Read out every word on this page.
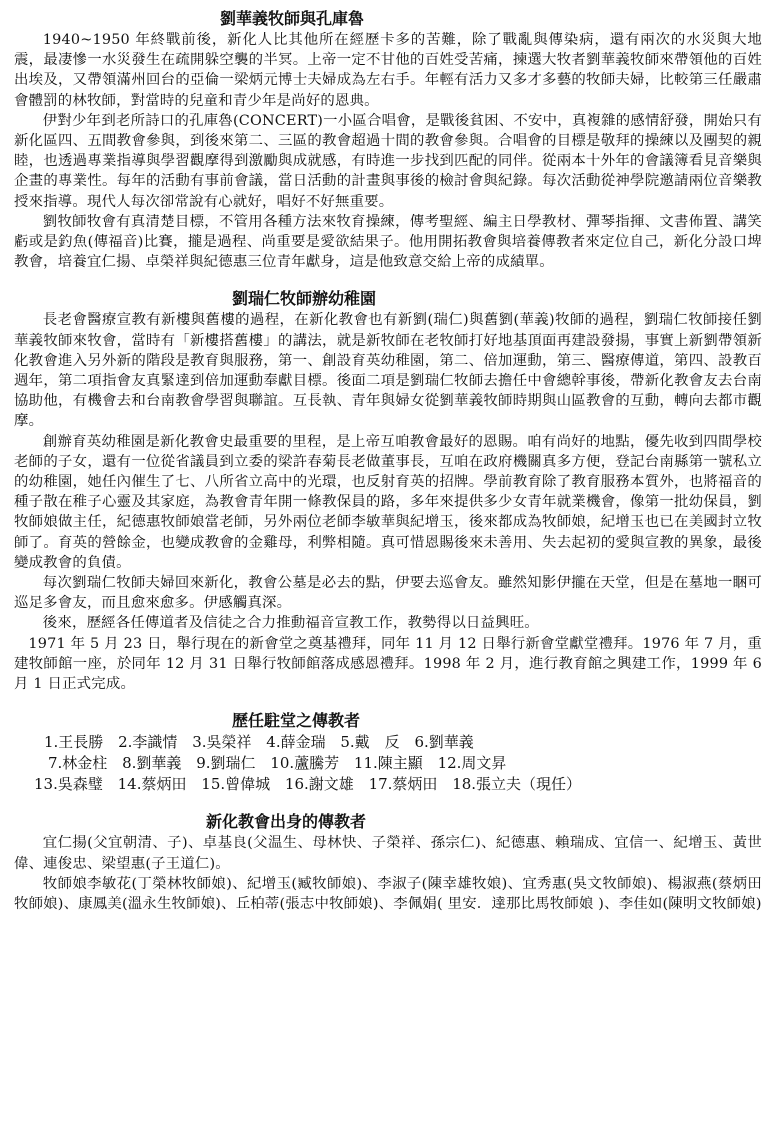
劉華義牧師與孔庫魯

1940~1950 年終戰前後，新化人比其他所在經歷卡多的苦難，除了戰亂與傳染病，還有兩次的水災與大地震，最凄慘一水災發生在疏開躲空襲的半冥。上帝一定不甘他的百姓受苦痛，揀選大牧者劉華義牧師來帶領他的百姓出埃及，又帶領滿州回台的亞倫一梁炳元博士夫婦成為左右手。年輕有活力又多才多藝的牧師夫婦，比較第三任嚴肅會體罰的林牧師，對當時的兒童和青少年是尚好的恩典。

伊對少年到老所詩口的孔庫魯(CONCERT)一小區合唱會，是戰後貧困、不安中，真複雜的感情舒發，開始只有新化區四、五間教會參與，到後來第二、三區的教會超過十間的教會參與。合唱會的目標是敬拜的操練以及團契的親睦，也透過專業指導與學習觀摩得到激勵與成就感，有時進一步找到匹配的同伴。從兩本十外年的會議簿看見音樂與企畫的專業性。每年的活動有事前會議，當日活動的計畫與事後的檢討會與紀錄。每次活動從神學院邀請兩位音樂教授來指導。現代人每次卻常說有心就好，唱好不好無重要。

劉牧師牧會有真清楚目標，不管用各種方法來牧育操練，傳考聖經、編主日學教材、彈琴指揮、文書佈置、講笑虧或是釣魚(傳福音)比賽，攏是過程、尚重要是愛欲結果子。他用開拓教會與培養傳教者來定位自己，新化分設口埤教會，培養宜仁揚、卓榮祥與紀德惠三位青年獻身，這是他致意交給上帝的成績單。

劉瑞仁牧師辦幼稚園

長老會醫療宣教有新樓與舊樓的過程，在新化教會也有新劉(瑞仁)與舊劉(華義)牧師的過程，劉瑞仁牧師接任劉華義牧師來牧會，當時有「新樓搭舊樓」的講法，就是新牧師在老牧師打好地基頂面再建設發揚，事實上新劉帶領新化教會進入另外新的階段是教育與服務，第一、創設育英幼稚園，第二、倍加運動，第三、醫療傳道，第四、設教百週年，第二項指會友真緊達到倍加運動奉獻目標。後面二項是劉瑞仁牧師去擔任中會總幹事後，帶新化教會友去台南協助他，有機會去和台南教會學習與聯誼。互長執、青年與婦女從劉華義牧師時期與山區教會的互動，轉向去都市觀摩。

創辦育英幼稚園是新化教會史最重要的里程，是上帝互咱教會最好的恩賜。咱有尚好的地點，優先收到四間學校老師的子女，還有一位從省議員到立委的梁許春菊長老做董事長，互咱在政府機關真多方便，登記台南縣第一號私立的幼稚園，她任內催生了七、八所省立高中的光環，也反射育英的招牌。學前教育除了教育服務本質外，也將福音的種子散在稚子心靈及其家庭，為教會青年開一條教保員的路，多年來提供多少女青年就業機會，像第一批幼保員，劉牧師娘做主任，紀德惠牧師娘當老師，另外兩位老師李敏華與紀增玉，後來都成為牧師娘，紀增玉也已在美國封立牧師了。育英的營餘金，也變成教會的金雞母，利弊相隨。真可惜恩賜後來未善用、失去起初的愛與宣教的異象，最後變成教會的負債。

每次劉瑞仁牧師夫婦回來新化，教會公墓是必去的點，伊要去巡會友。雖然知影伊攏在天堂，但是在墓地一睏可巡足多會友，而且愈來愈多。伊感觸真深。

後來，歷經各任傳道者及信徒之合力推動福音宣教工作，教勢得以日益興旺。

1971 年 5 月 23 日，舉行現在的新會堂之奠基禮拜，同年 11 月 12 日舉行新會堂獻堂禮拜。1976 年 7 月，重建牧師館一座，於同年 12 月 31 日舉行牧師館落成感恩禮拜。1998 年 2 月，進行教育館之興建工作，1999 年 6 月 1 日正式完成。

歷任駐堂之傳教者

1.王長勝 2.李識情 3.吳榮祥 4.薛金瑞 5.戴　反 6.劉華義

7.林金柱 8.劉華義 9.劉瑞仁 10.蘆騰芳 11.陳主顯 12.周文昇

13.吳森璧 14.蔡炳田 15.曾偉城 16.謝文雄 17.蔡炳田 18.張立夫（現任）

新化教會出身的傳教者

宜仁揚(父宜朝清、子)、卓基良(父温生、母林快、子榮祥、孫宗仁)、紀德惠、賴瑞成、宜信一、紀增玉、黃世偉、連俊忠、梁望惠(子王道仁)。

牧師娘李敏花(丁榮林牧師娘)、紀增玉(臧牧師娘)、李淑子(陳幸雄牧娘)、宜秀惠(吳文牧師娘)、楊淑燕(蔡炳田牧師娘)、康鳳美(溫永生牧師娘)、丘柏蒂(張志中牧師娘)、李佩娟( 里安．達那比馬牧師娘 )、李佳如(陳明文牧師娘)
